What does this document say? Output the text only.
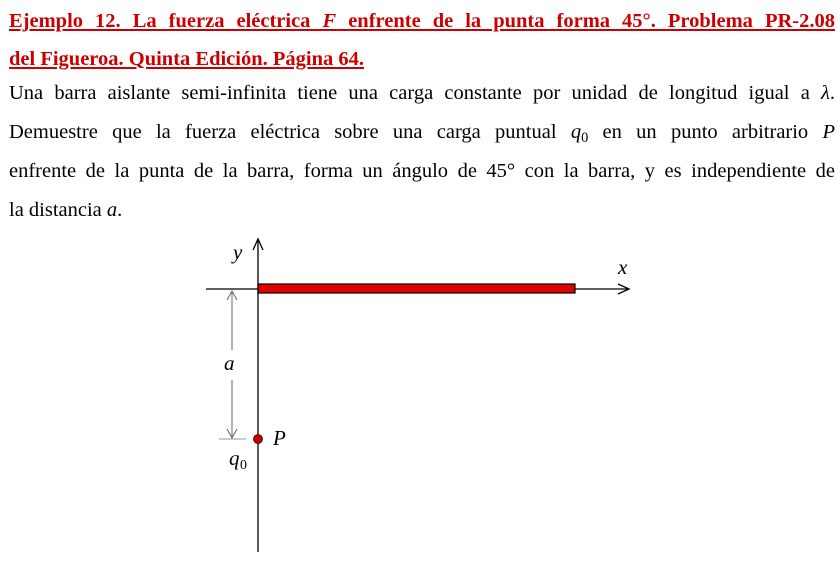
Ejemplo 12. La fuerza eléctrica F enfrente de la punta forma 45°. Problema PR-2.08
del Figueroa. Quinta Edición. Página 64.
Una barra aislante semi-infinita tiene una carga constante por unidad de longitud igual a λ.
Demuestre que la fuerza eléctrica sobre una carga puntual $q_0$ en un punto arbitrario P
enfrente de la punta de la barra, forma un ángulo de 45° con la barra, y es independiente de
la distancia a.
y
x
a
P
q 0
